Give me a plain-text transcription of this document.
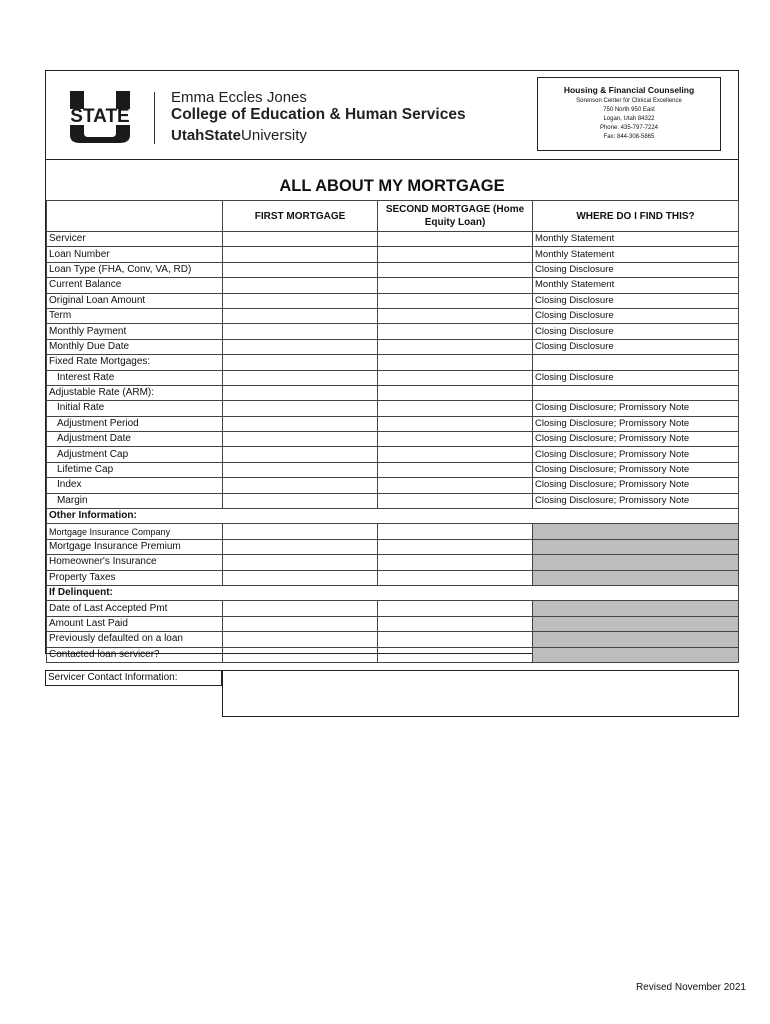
STATE
Emma Eccles Jones
College of Education & Human Services
UtahStateUniversity
Housing & Financial Counseling
Sorenson Center for Clinical Excellence
750 North 950 East
Logan, Utah 84322
Phone: 435-797-7224
Fax: 844-308-5865
ALL ABOUT MY MORTGAGE
	FIRST MORTGAGE	SECOND MORTGAGE (Home Equity Loan)	WHERE DO I FIND THIS?
Servicer			Monthly Statement
Loan Number			Monthly Statement
Loan Type (FHA, Conv, VA, RD)			Closing Disclosure
Current Balance			Monthly Statement
Original Loan Amount			Closing Disclosure
Term			Closing Disclosure
Monthly Payment			Closing Disclosure
Monthly Due Date			Closing Disclosure
Fixed Rate Mortgages:			
Interest Rate			Closing Disclosure
Adjustable Rate (ARM):			
Initial Rate			Closing Disclosure; Promissory Note
Adjustment Period			Closing Disclosure; Promissory Note
Adjustment Date			Closing Disclosure; Promissory Note
Adjustment Cap			Closing Disclosure; Promissory Note
Lifetime Cap			Closing Disclosure; Promissory Note
Index			Closing Disclosure; Promissory Note
Margin			Closing Disclosure; Promissory Note
Other Information:			
Mortgage Insurance Company			
Mortgage Insurance Premium			
Homeowner's Insurance			
Property Taxes			
If Delinquent:			
Date of Last Accepted Pmt			
Amount Last Paid			
Previously defaulted on a loan			
Contacted loan servicer?			
Servicer Contact Information:
Revised November 2021
